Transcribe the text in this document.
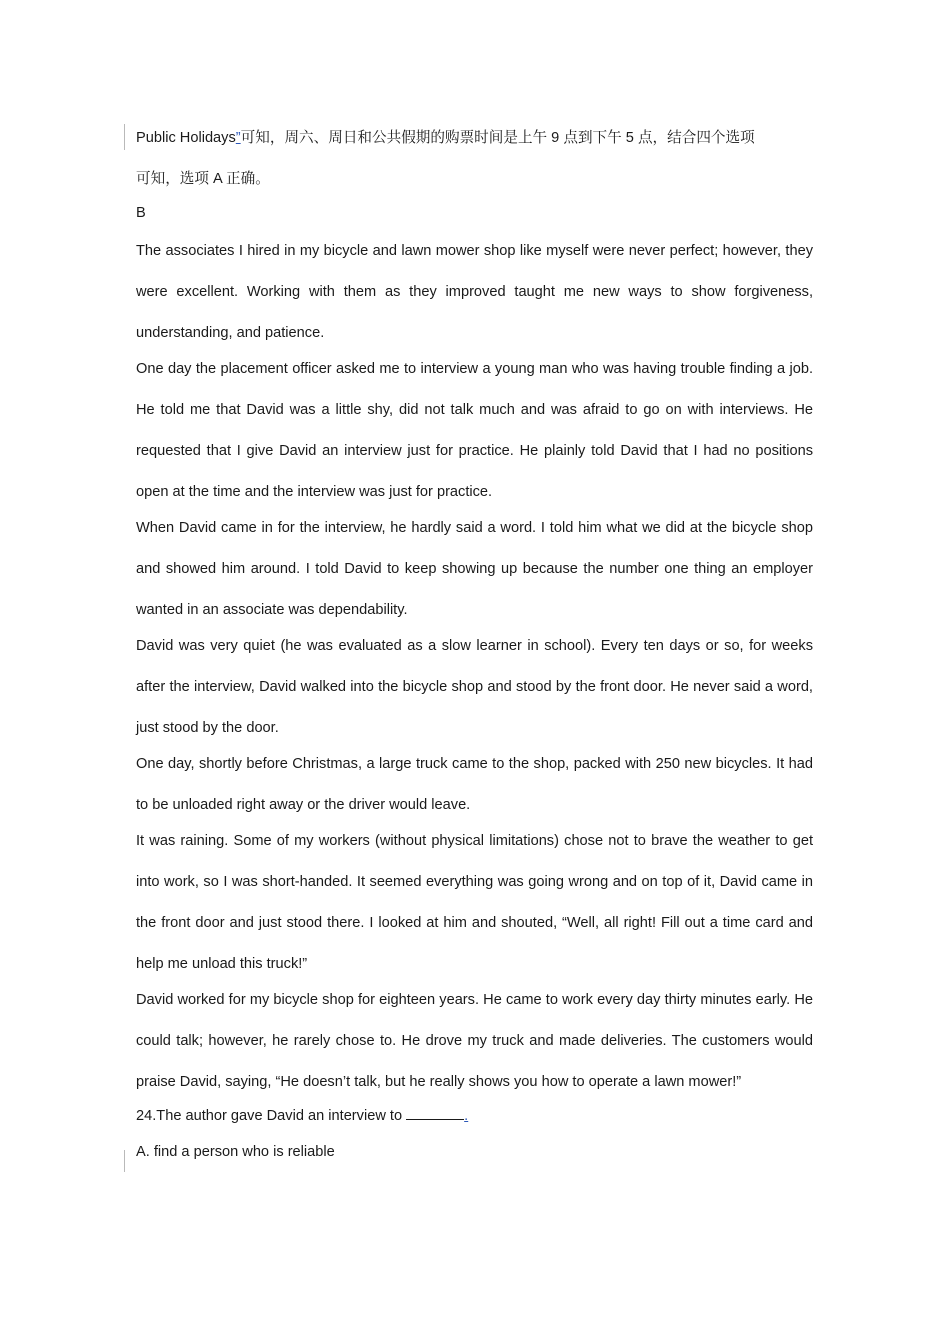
Public Holidays”可知，周六、周日和公共假期的购票时间是上午 9 点到下午 5 点，结合四个选项
可知，选项 A 正确。

B

The associates I hired in my bicycle and lawn mower shop like myself were never perfect; however, they were excellent. Working with them as they improved taught me new ways to show forgiveness, understanding, and patience.

One day the placement officer asked me to interview a young man who was having trouble finding a job. He told me that David was a little shy, did not talk much and was afraid to go on with interviews. He requested that I give David an interview just for practice. He plainly told David that I had no positions open at the time and the interview was just for practice.

When David came in for the interview, he hardly said a word. I told him what we did at the bicycle shop and showed him around. I told David to keep showing up because the number one thing an employer wanted in an associate was dependability.

David was very quiet (he was evaluated as a slow learner in school). Every ten days or so, for weeks after the interview, David walked into the bicycle shop and stood by the front door. He never said a word, just stood by the door.

One day, shortly before Christmas, a large truck came to the shop, packed with 250 new bicycles. It had to be unloaded right away or the driver would leave.

It was raining. Some of my workers (without physical limitations) chose not to brave the weather to get into work, so I was short-handed. It seemed everything was going wrong and on top of it, David came in the front door and just stood there. I looked at him and shouted, “Well, all right! Fill out a time card and help me unload this truck!”

David worked for my bicycle shop for eighteen years. He came to work every day thirty minutes early. He could talk; however, he rarely chose to. He drove my truck and made deliveries. The customers would praise David, saying, “He doesn’t talk, but he really shows you how to operate a lawn mower!”

24.The author gave David an interview to	.

A. find a person who is reliable
